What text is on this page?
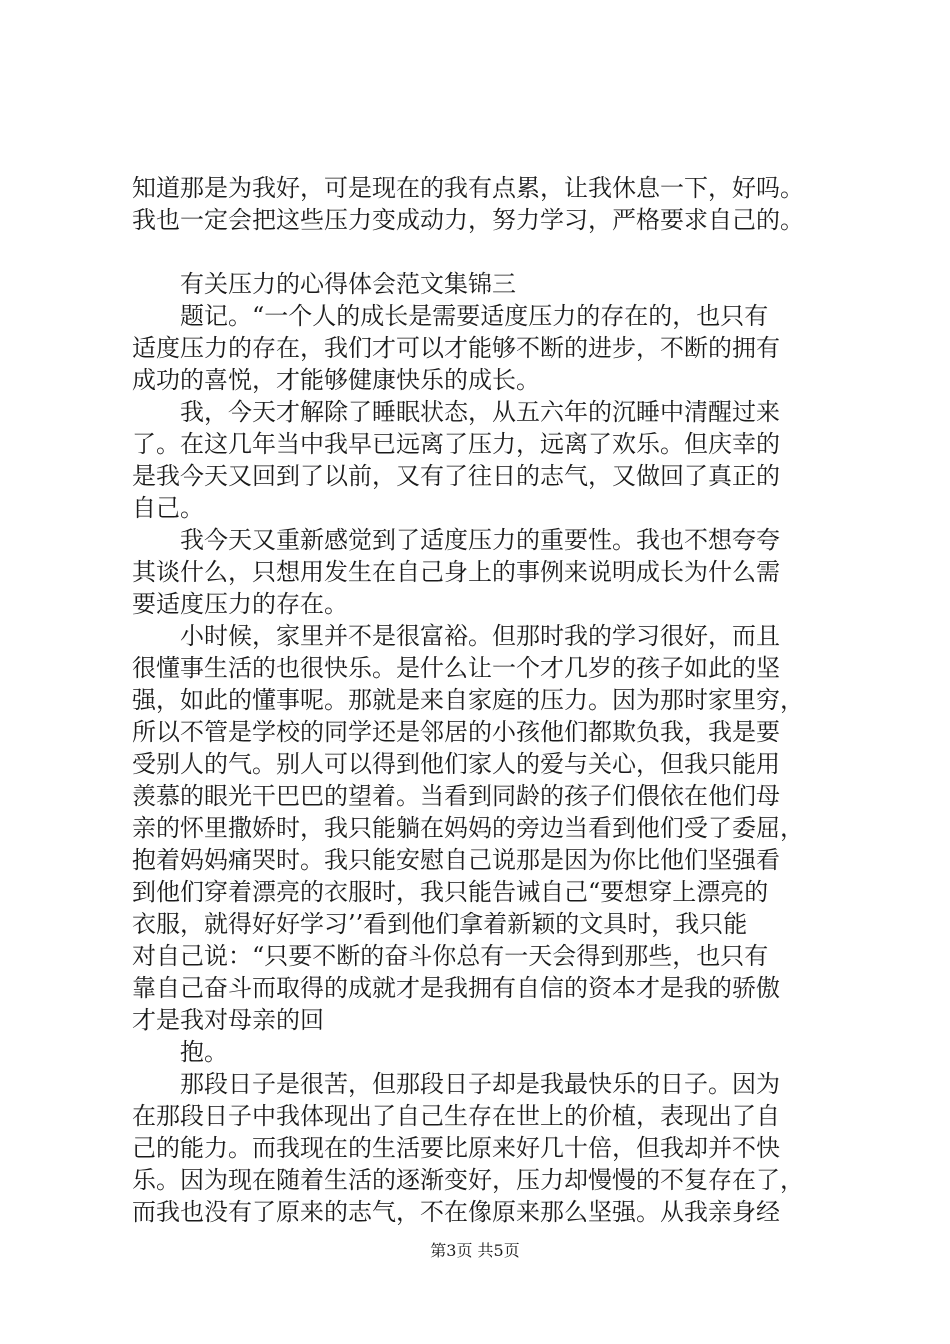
知道那是为我好，可是现在的我有点累，让我休息一下，好吗。
我也一定会把这些压力变成动力，努力学习，严格要求自己的。
　　有关压力的心得体会范文集锦三
　　题记。“一个人的成长是需要适度压力的存在的，也只有
适度压力的存在，我们才可以才能够不断的进步，不断的拥有
成功的喜悦，才能够健康快乐的成长。
　　我，今天才解除了睡眠状态，从五六年的沉睡中清醒过来
了。在这几年当中我早已远离了压力，远离了欢乐。但庆幸的
是我今天又回到了以前，又有了往日的志气，又做回了真正的
自己。
　　我今天又重新感觉到了适度压力的重要性。我也不想夸夸
其谈什么，只想用发生在自己身上的事例来说明成长为什么需
要适度压力的存在。
　　小时候，家里并不是很富裕。但那时我的学习很好，而且
很懂事生活的也很快乐。是什么让一个才几岁的孩子如此的坚
强，如此的懂事呢。那就是来自家庭的压力。因为那时家里穷，
所以不管是学校的同学还是邻居的小孩他们都欺负我，我是要
受别人的气。别人可以得到他们家人的爱与关心，但我只能用
羡慕的眼光干巴巴的望着。当看到同龄的孩子们偎依在他们母
亲的怀里撒娇时，我只能躺在妈妈的旁边当看到他们受了委屈，
抱着妈妈痛哭时。我只能安慰自己说那是因为你比他们坚强看
到他们穿着漂亮的衣服时，我只能告诫自己“要想穿上漂亮的
衣服，就得好好学习’’看到他们拿着新颖的文具时，我只能
对自己说：“只要不断的奋斗你总有一天会得到那些，也只有
靠自己奋斗而取得的成就才是我拥有自信的资本才是我的骄傲
才是我对母亲的回
　　抱。
　　那段日子是很苦，但那段日子却是我最快乐的日子。因为
在那段日子中我体现出了自己生存在世上的价植，表现出了自
己的能力。而我现在的生活要比原来好几十倍，但我却并不快
乐。因为现在随着生活的逐渐变好，压力却慢慢的不复存在了，
而我也没有了原来的志气，不在像原来那么坚强。从我亲身经
第3页 共5页
